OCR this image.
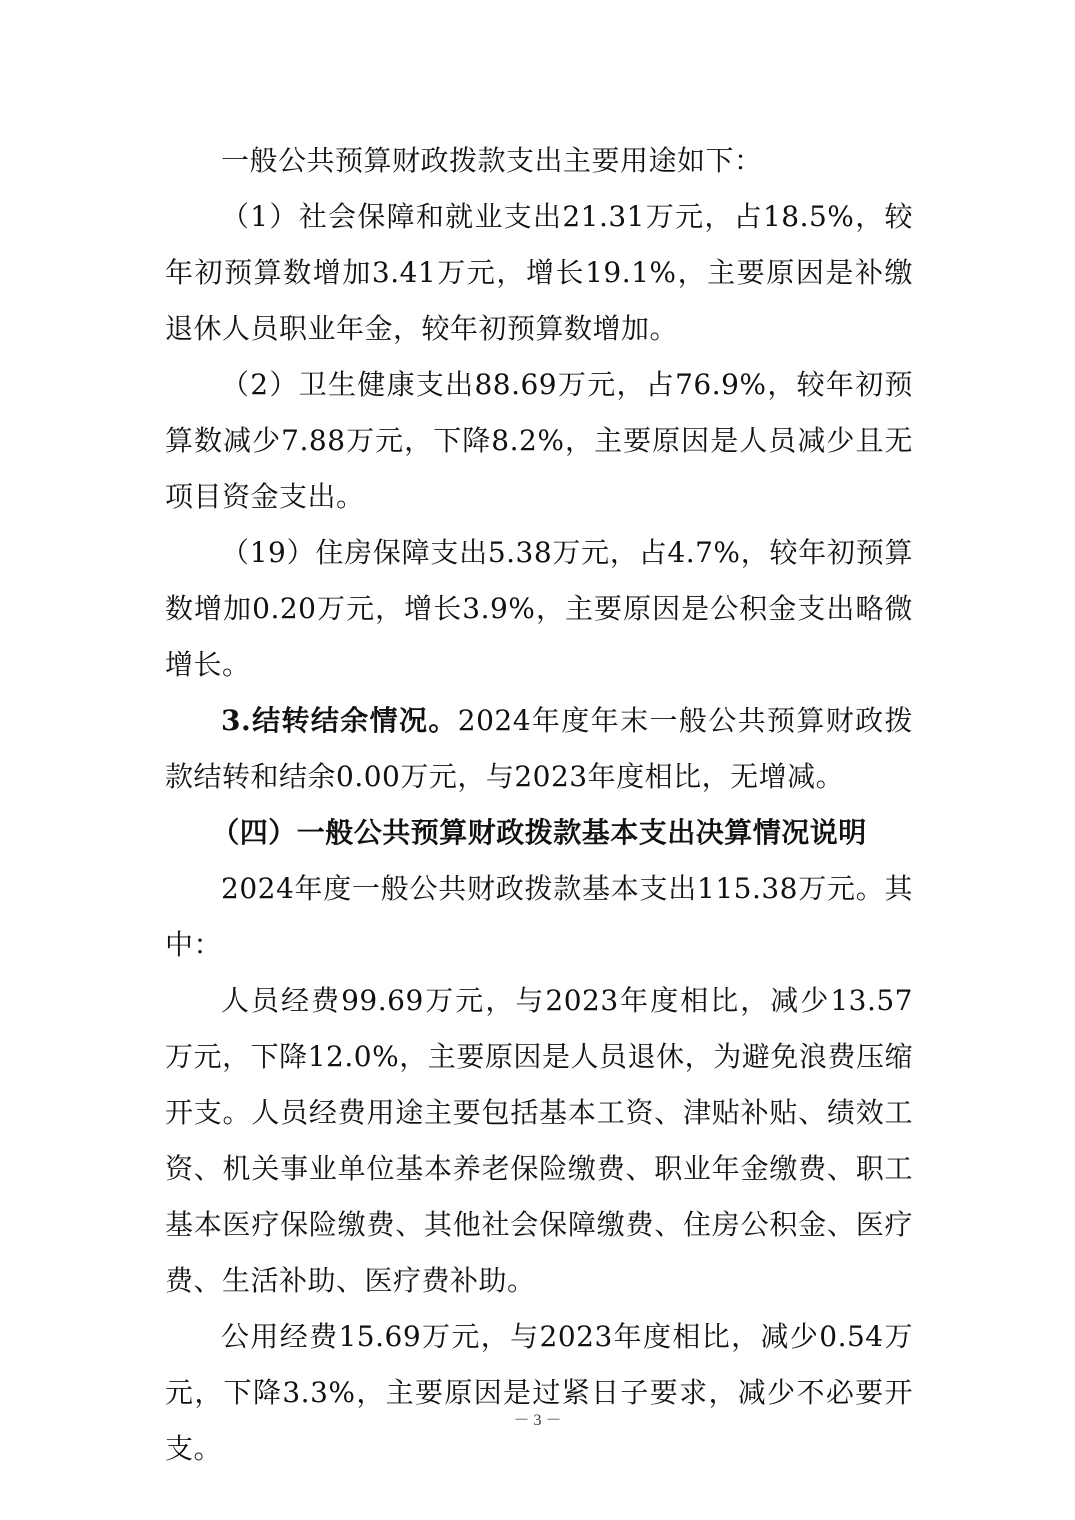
一般公共预算财政拨款支出主要用途如下：

（1）社会保障和就业支出21.31万元，占18.5%，较年初预算数增加3.41万元，增长19.1%，主要原因是补缴退休人员职业年金，较年初预算数增加。

（2）卫生健康支出88.69万元，占76.9%，较年初预算数减少7.88万元，下降8.2%，主要原因是人员减少且无项目资金支出。

（19）住房保障支出5.38万元，占4.7%，较年初预算数增加0.20万元，增长3.9%，主要原因是公积金支出略微增长。

3.结转结余情况。2024年度年末一般公共预算财政拨款结转和结余0.00万元，与2023年度相比，无增减。

（四）一般公共预算财政拨款基本支出决算情况说明

2024年度一般公共财政拨款基本支出115.38万元。其中：

人员经费99.69万元，与2023年度相比，减少13.57万元，下降12.0%，主要原因是人员退休，为避免浪费压缩开支。人员经费用途主要包括基本工资、津贴补贴、绩效工资、机关事业单位基本养老保险缴费、职业年金缴费、职工基本医疗保险缴费、其他社会保障缴费、住房公积金、医疗费、生活补助、医疗费补助。

公用经费15.69万元，与2023年度相比，减少0.54万元，下降3.3%，主要原因是过紧日子要求，减少不必要开支。

－ 3 －
